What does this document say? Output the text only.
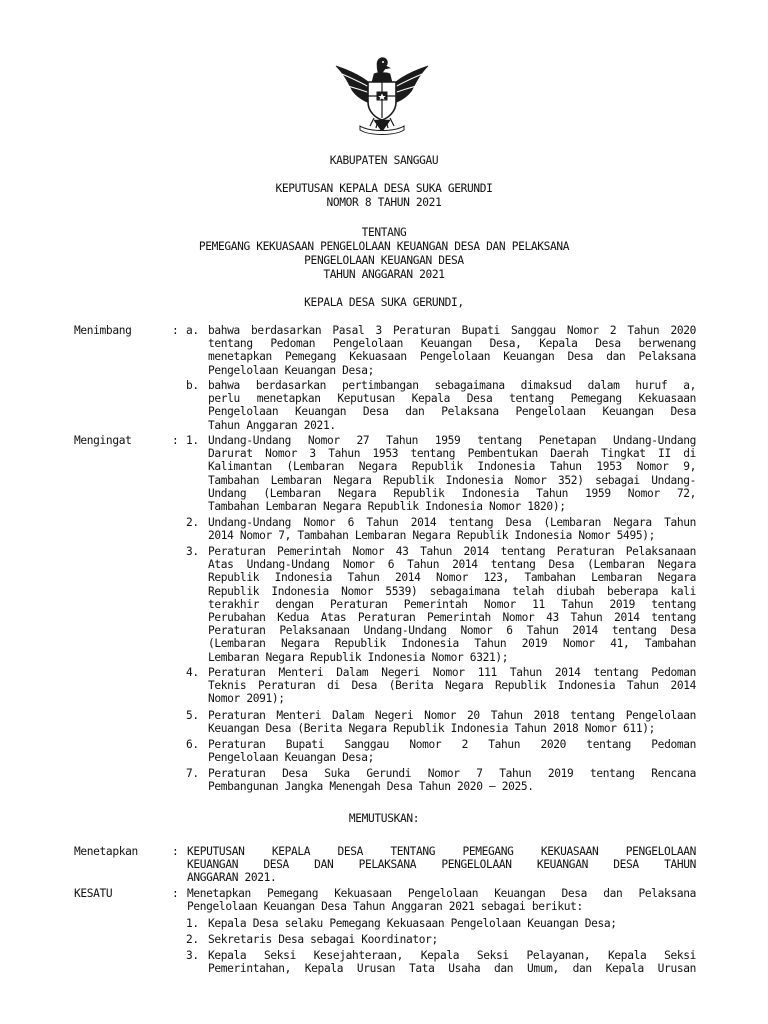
KABUPATEN SANGGAU
KEPUTUSAN KEPALA DESA SUKA GERUNDI
NOMOR 8 TAHUN 2021
TENTANG
PEMEGANG KEKUASAAN PENGELOLAAN KEUANGAN DESA DAN PELAKSANA
PENGELOLAAN KEUANGAN DESA
TAHUN ANGGARAN 2021
KEPALA DESA SUKA GERUNDI,
Menimbang	: a. bahwa berdasarkan Pasal 3 Peraturan Bupati Sanggau Nomor 2 Tahun 2020
tentang Pedoman Pengelolaan Keuangan Desa, Kepala Desa berwenang
menetapkan Pemegang Kekuasaan Pengelolaan Keuangan Desa dan Pelaksana
Pengelolaan Keuangan Desa;
b. bahwa berdasarkan pertimbangan sebagaimana dimaksud dalam huruf a,
perlu menetapkan Keputusan Kepala Desa tentang Pemegang Kekuasaan
Pengelolaan Keuangan Desa dan Pelaksana Pengelolaan Keuangan Desa
Tahun Anggaran 2021.
Mengingat	: 1. Undang-Undang Nomor 27 Tahun 1959 tentang Penetapan Undang-Undang
Darurat Nomor 3 Tahun 1953 tentang Pembentukan Daerah Tingkat II di
Kalimantan (Lembaran Negara Republik Indonesia Tahun 1953 Nomor 9,
Tambahan Lembaran Negara Republik Indonesia Nomor 352) sebagai Undang-
Undang (Lembaran Negara Republik Indonesia Tahun 1959 Nomor 72,
Tambahan Lembaran Negara Republik Indonesia Nomor 1820);
2. Undang-Undang Nomor 6 Tahun 2014 tentang Desa (Lembaran Negara Tahun
2014 Nomor 7, Tambahan Lembaran Negara Republik Indonesia Nomor 5495);
3. Peraturan Pemerintah Nomor 43 Tahun 2014 tentang Peraturan Pelaksanaan
Atas Undang-Undang Nomor 6 Tahun 2014 tentang Desa (Lembaran Negara
Republik Indonesia Tahun 2014 Nomor 123, Tambahan Lembaran Negara
Republik Indonesia Nomor 5539) sebagaimana telah diubah beberapa kali
terakhir dengan Peraturan Pemerintah Nomor 11 Tahun 2019 tentang
Perubahan Kedua Atas Peraturan Pemerintah Nomor 43 Tahun 2014 tentang
Peraturan Pelaksanaan Undang-Undang Nomor 6 Tahun 2014 tentang Desa
(Lembaran Negara Republik Indonesia Tahun 2019 Nomor 41, Tambahan
Lembaran Negara Republik Indonesia Nomor 6321);
4. Peraturan Menteri Dalam Negeri Nomor 111 Tahun 2014 tentang Pedoman
Teknis Peraturan di Desa (Berita Negara Republik Indonesia Tahun 2014
Nomor 2091);
5. Peraturan Menteri Dalam Negeri Nomor 20 Tahun 2018 tentang Pengelolaan
Keuangan Desa (Berita Negara Republik Indonesia Tahun 2018 Nomor 611);
6. Peraturan Bupati Sanggau Nomor 2 Tahun 2020 tentang Pedoman
Pengelolaan Keuangan Desa;
7. Peraturan Desa Suka Gerundi Nomor 7 Tahun 2019 tentang Rencana
Pembangunan Jangka Menengah Desa Tahun 2020 – 2025.
MEMUTUSKAN:
Menetapkan	: KEPUTUSAN KEPALA DESA TENTANG PEMEGANG KEKUASAAN PENGELOLAAN
KEUANGAN DESA DAN PELAKSANA PENGELOLAAN KEUANGAN DESA TAHUN
ANGGARAN 2021.
KESATU	: Menetapkan Pemegang Kekuasaan Pengelolaan Keuangan Desa dan Pelaksana
Pengelolaan Keuangan Desa Tahun Anggaran 2021 sebagai berikut:
1. Kepala Desa selaku Pemegang Kekuasaan Pengelolaan Keuangan Desa;
2. Sekretaris Desa sebagai Koordinator;
3. Kepala Seksi Kesejahteraan, Kepala Seksi Pelayanan, Kepala Seksi
Pemerintahan, Kepala Urusan Tata Usaha dan Umum, dan Kepala Urusan
